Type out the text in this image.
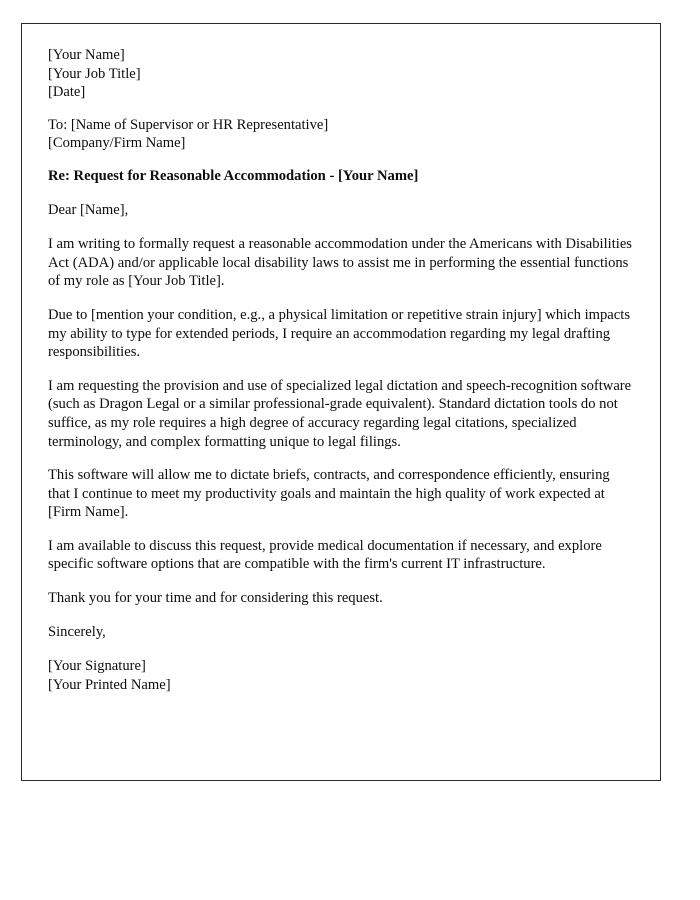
[Your Name]
[Your Job Title]
[Date]
To: [Name of Supervisor or HR Representative]
[Company/Firm Name]
Re: Request for Reasonable Accommodation - [Your Name]
Dear [Name],
I am writing to formally request a reasonable accommodation under the Americans with Disabilities Act (ADA) and/or applicable local disability laws to assist me in performing the essential functions of my role as [Your Job Title].
Due to [mention your condition, e.g., a physical limitation or repetitive strain injury] which impacts my ability to type for extended periods, I require an accommodation regarding my legal drafting responsibilities.
I am requesting the provision and use of specialized legal dictation and speech-recognition software (such as Dragon Legal or a similar professional-grade equivalent). Standard dictation tools do not suffice, as my role requires a high degree of accuracy regarding legal citations, specialized terminology, and complex formatting unique to legal filings.
This software will allow me to dictate briefs, contracts, and correspondence efficiently, ensuring that I continue to meet my productivity goals and maintain the high quality of work expected at [Firm Name].
I am available to discuss this request, provide medical documentation if necessary, and explore specific software options that are compatible with the firm's current IT infrastructure.
Thank you for your time and for considering this request.
Sincerely,
[Your Signature]
[Your Printed Name]
